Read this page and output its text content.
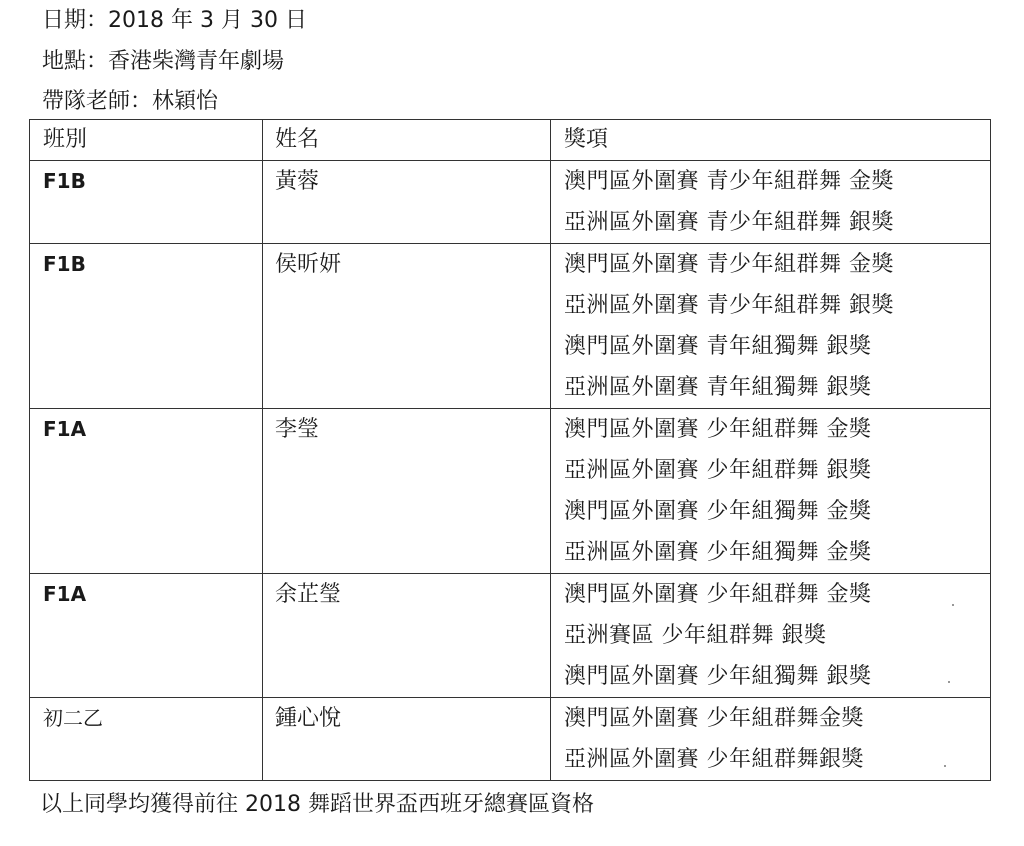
日期：2018 年 3 月 30 日
地點：香港柴灣青年劇場
帶隊老師：林穎怡
班別	姓名	獎項
F1B	黃蓉	澳門區外圍賽 青少年組群舞 金獎
亞洲區外圍賽 青少年組群舞 銀獎

F1B	侯昕妍	澳門區外圍賽 青少年組群舞 金獎
亞洲區外圍賽 青少年組群舞 銀獎
澳門區外圍賽 青年組獨舞 銀獎
亞洲區外圍賽 青年組獨舞 銀獎

F1A	李瑩	澳門區外圍賽 少年組群舞 金獎
亞洲區外圍賽 少年組群舞 銀獎
澳門區外圍賽 少年組獨舞 金獎
亞洲區外圍賽 少年組獨舞 金獎

F1A	余芷瑩	澳門區外圍賽 少年組群舞 金獎
亞洲賽區 少年組群舞 銀獎
澳門區外圍賽 少年組獨舞 銀獎

初二乙	鍾心悅	澳門區外圍賽 少年組群舞金獎
亞洲區外圍賽 少年組群舞銀獎
以上同學均獲得前往 2018 舞蹈世界盃西班牙總賽區資格
